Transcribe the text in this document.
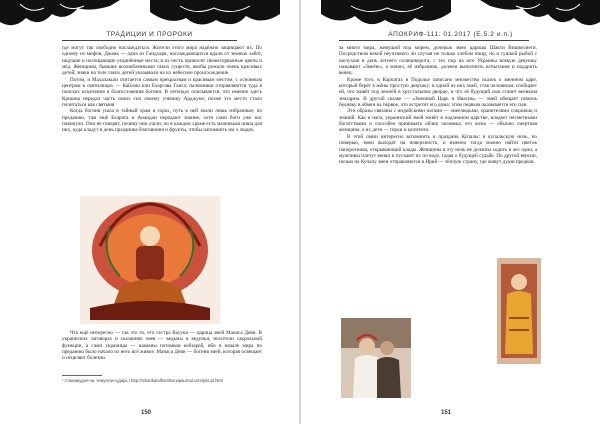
ТРАДИЦИИ И ПРОРОКИ

где могут так свободно наслаждаться. Жители этого мира надёжно защищают их. По одному из мифов, Джана — одна из Гандхарв, наслаждающихся вдали от земных забот, ищущие и посещающие уединённые места; в их честь приносят свежесорванные цветы и мёд. Женщины, бывшие возлюбленными таких существ, якобы рожали очень красивых детей; знаки на теле таких детей указывали на их небесное происхождение.

Потом, и Махалакши считается самым прекрасным и красивым местом, с основным центром в святилищах — Кайлаш или Бхаргава Ганга; паломники отправляются туда в поисках исцеления и благословения богини. В легендах описывается, что именно здесь Кришна передал часть своих сил своему ученику Арджуне; позже это место стало почитаться как святыня.

Когда богиня ушла в тайный храм в горах, путь к ней знали лишь избранные; по преданию, там ещё Бхарата и Анандан передают знание, хотя сами боги уже нас покинули. Они не говорят, почему они ушли, но в каждом храме есть маленькая ниша для них, куда кладут в день праздника благовония и фрукты, чтобы напомнить им о людях.

Что ещё интересно — так это то, что сестра Васуки — царица змей Манаса Деви. В украинских заговорах и сказаниях змея — ведьмы и ведуньи, носители сакральной функции, а сами украинцы — шаманы потомков кобзарей, ибо в начале мира по преданию было начало из него всё живое. Манаса Деви — богиня змей, которая освещает и исцеляет болезни.

¹ Сомнакудхе-на. Накулли-сударь | http://smarikandhamhal.wpaurnal.com/pss.pl.html
150
АПОКРИФ-111: 01.2017 (Е.5.2 и.п.)

за много мира, живущий под морем, дочерью змеи царицы Шакти Вишвосвети. Посредством некой неучтивого ли случая не только хлебом пищу, но и сушкой рыбой с шелухою в день летнего солнцеворота; с тех пор на юге Украины всякую девушку называют «Змеёю», а жених, её избранник, должен выполнить испытания и подарить венец.

Кроме того, в Карпатах и Подолье записано множество сказок о змеином царе, который берёт в жёны простую девушку; в одной из них змей, став человеком, сообщает ей, что живёт под землёй в хрустальном дворце, и что её будущий сын станет великим знахарем. В другой сказке — «Змеиный Царь и Ивасик» — змей обещает помочь бедняку в обмен на первое, что встретит его дома; этим первым оказывается его сын.

Эти образы связаны с индийскими нагами — змеелюдьми, хранителями сокровищ и знаний. Как и наги, украинский змей живёт в подземном царстве, владеет несметными богатствами и способен принимать облик человека; его жена — обычно смертная женщина, а их дети — герои и целители.

В этой связи интересно вспомнить и праздник Купалы: в купальскую ночь, по поверью, змеи выходят на поверхность, и именно тогда можно найти цветок папоротника, открывающий клады. Женщины в эту ночь не должны ходить в лес одни, а мужчины плетут венки и пускают их по воде, гадая о будущей судьбе. По другой версии, ночью на Купалу змеи отправляются в Ирий — тёплую страну, где живут души предков.

151
